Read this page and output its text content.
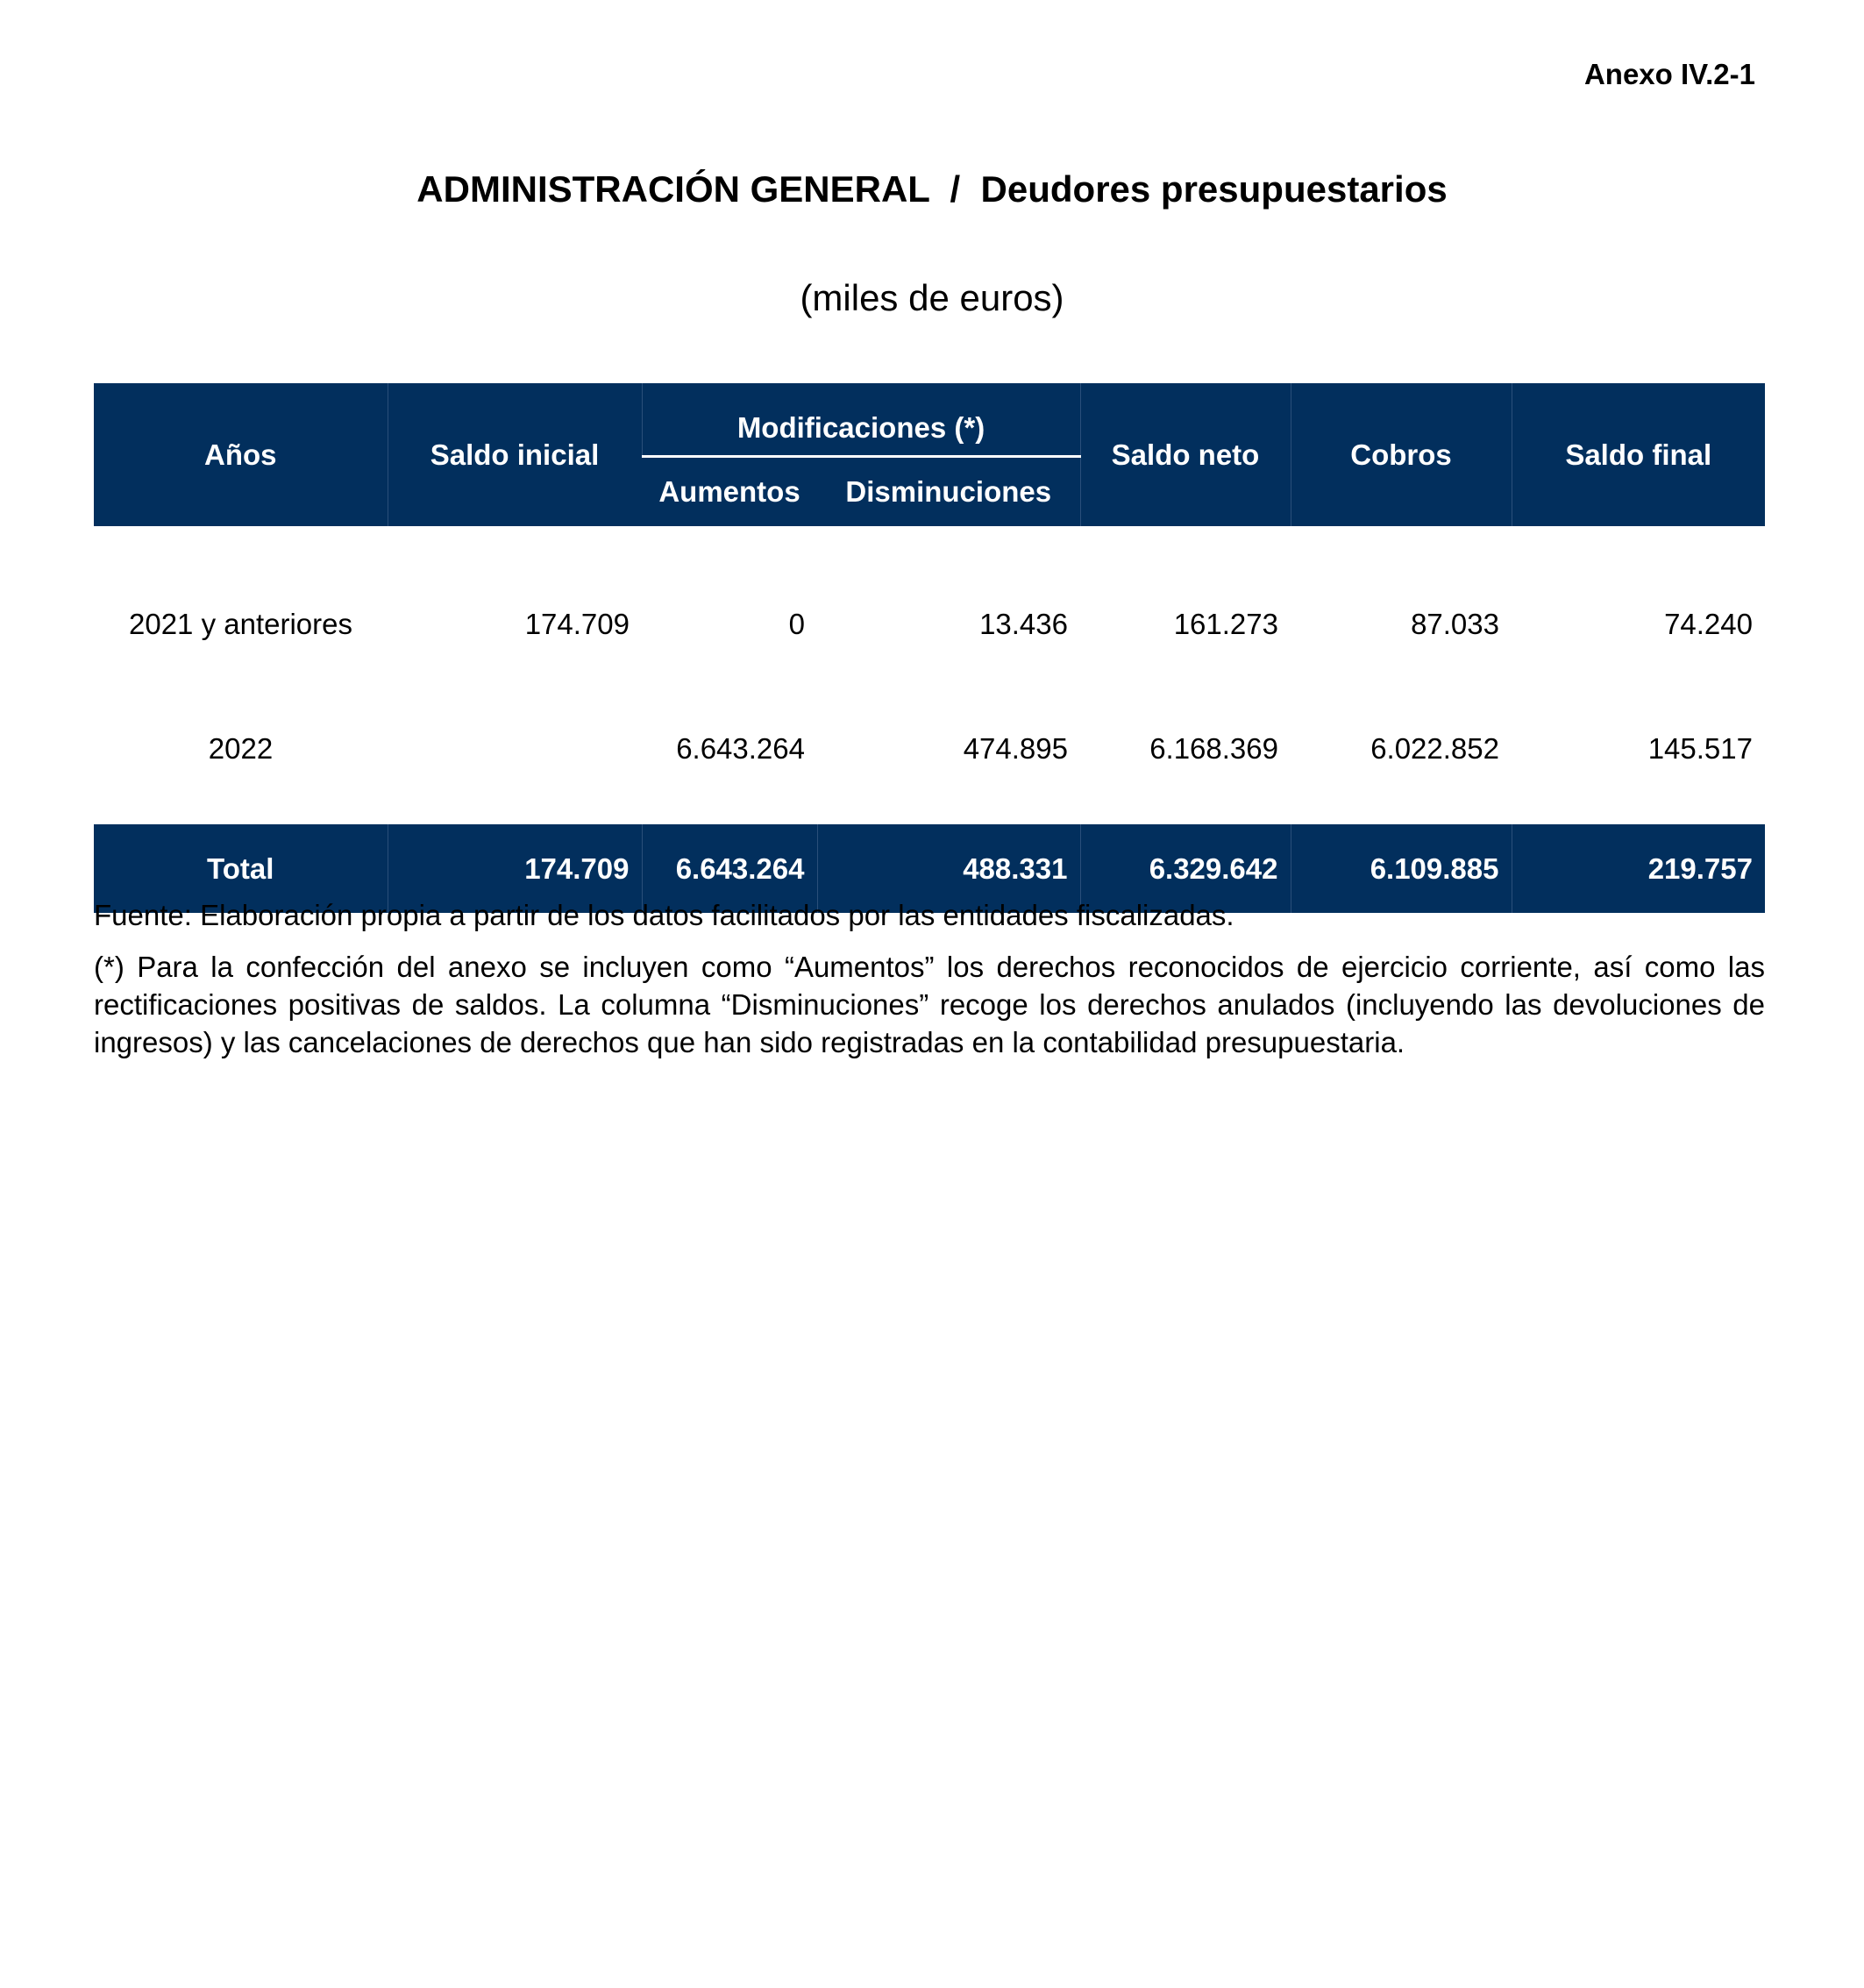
Anexo IV.2-1
ADMINISTRACIÓN GENERAL  /  Deudores presupuestarios
(miles de euros)
Años	Saldo inicial	Modificaciones (*)		Saldo neto	Cobros	Saldo final
		Aumentos	Disminuciones			

2021 y anteriores	174.709	0	13.436	161.273	87.033	74.240
2022		6.643.264	474.895	6.168.369	6.022.852	145.517

Total	174.709	6.643.264	488.331	6.329.642	6.109.885	219.757

Fuente: Elaboración propia a partir de los datos facilitados por las entidades fiscalizadas.

(*) Para la confección del anexo se incluyen como “Aumentos” los derechos reconocidos de ejercicio corriente, así como las rectificaciones positivas de saldos. La columna “Disminuciones” recoge los derechos anulados (incluyendo las devoluciones de ingresos) y las cancelaciones de derechos que han sido registradas en la contabilidad presupuestaria.
